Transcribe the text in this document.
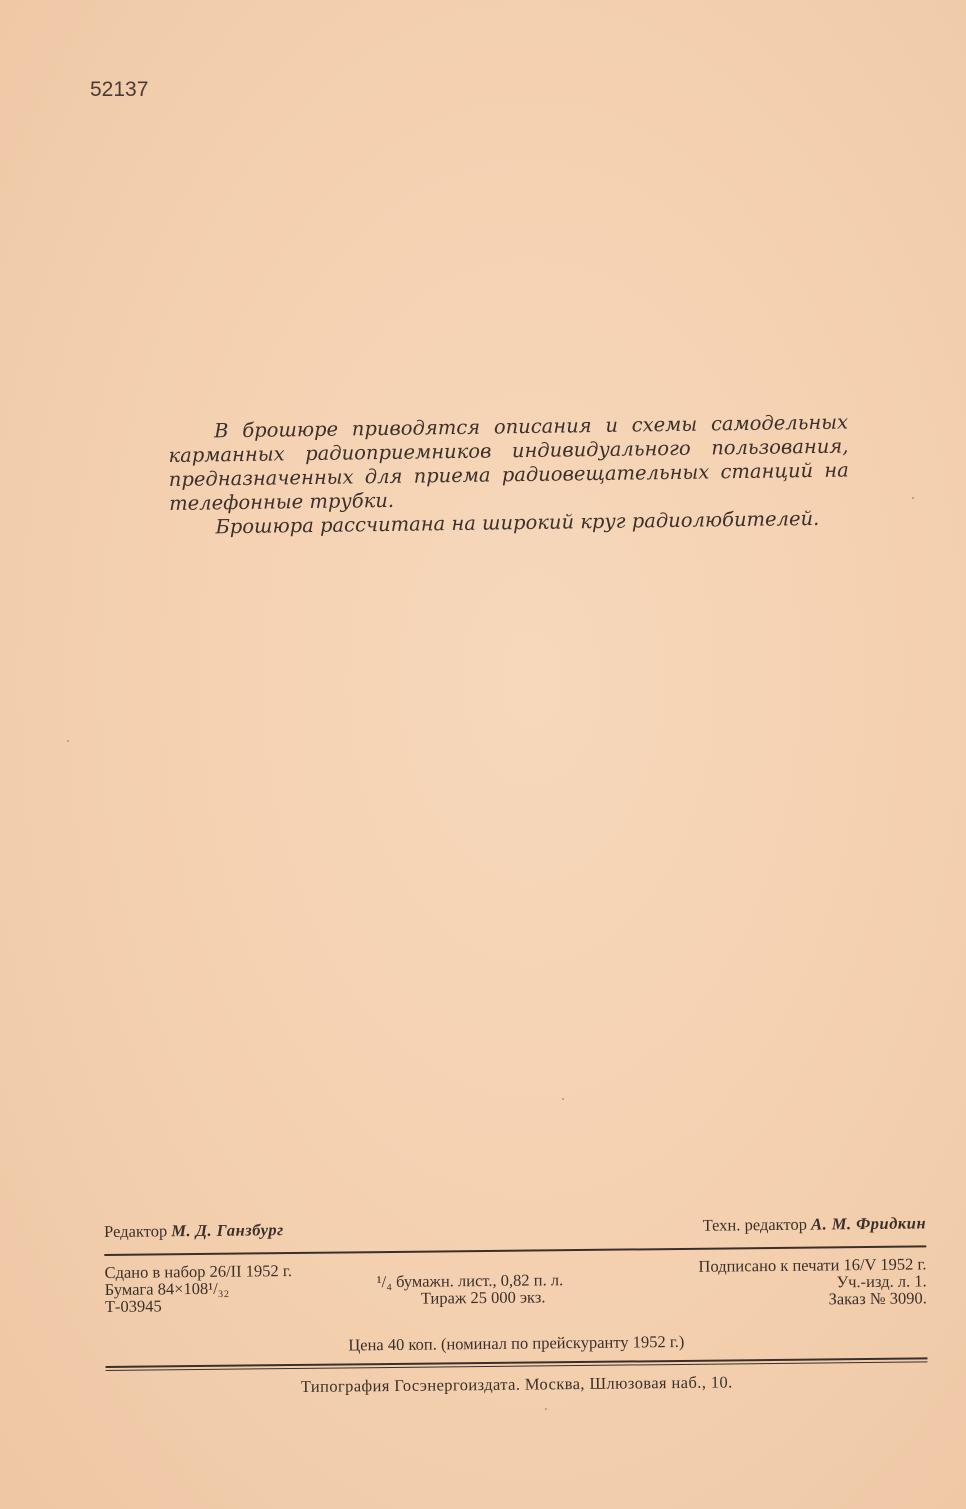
52137

В брошюре приводятся описания и схемы самодельных карманных радиоприемников индивидуального пользования, предназначенных для приема радиовещательных станций на телефонные трубки.

Брошюра рассчитана на широкий круг радиолюбителей.

Редактор М. Д. Ганзбург	Техн. редактор А. М. Фридкин
Сдано в набор 26/II 1952 г.
Бумага 84×108¹/₃₂
Т-03945
¹/₄ бумажн. лист., 0,82 п. л.
Тираж 25 000 экз.
Подписано к печати 16/V 1952 г.
Уч.-изд. л. 1.
Заказ № 3090.
Цена 40 коп. (номинал по прейскуранту 1952 г.)
Типография Госэнергоиздата. Москва, Шлюзовая наб., 10.
